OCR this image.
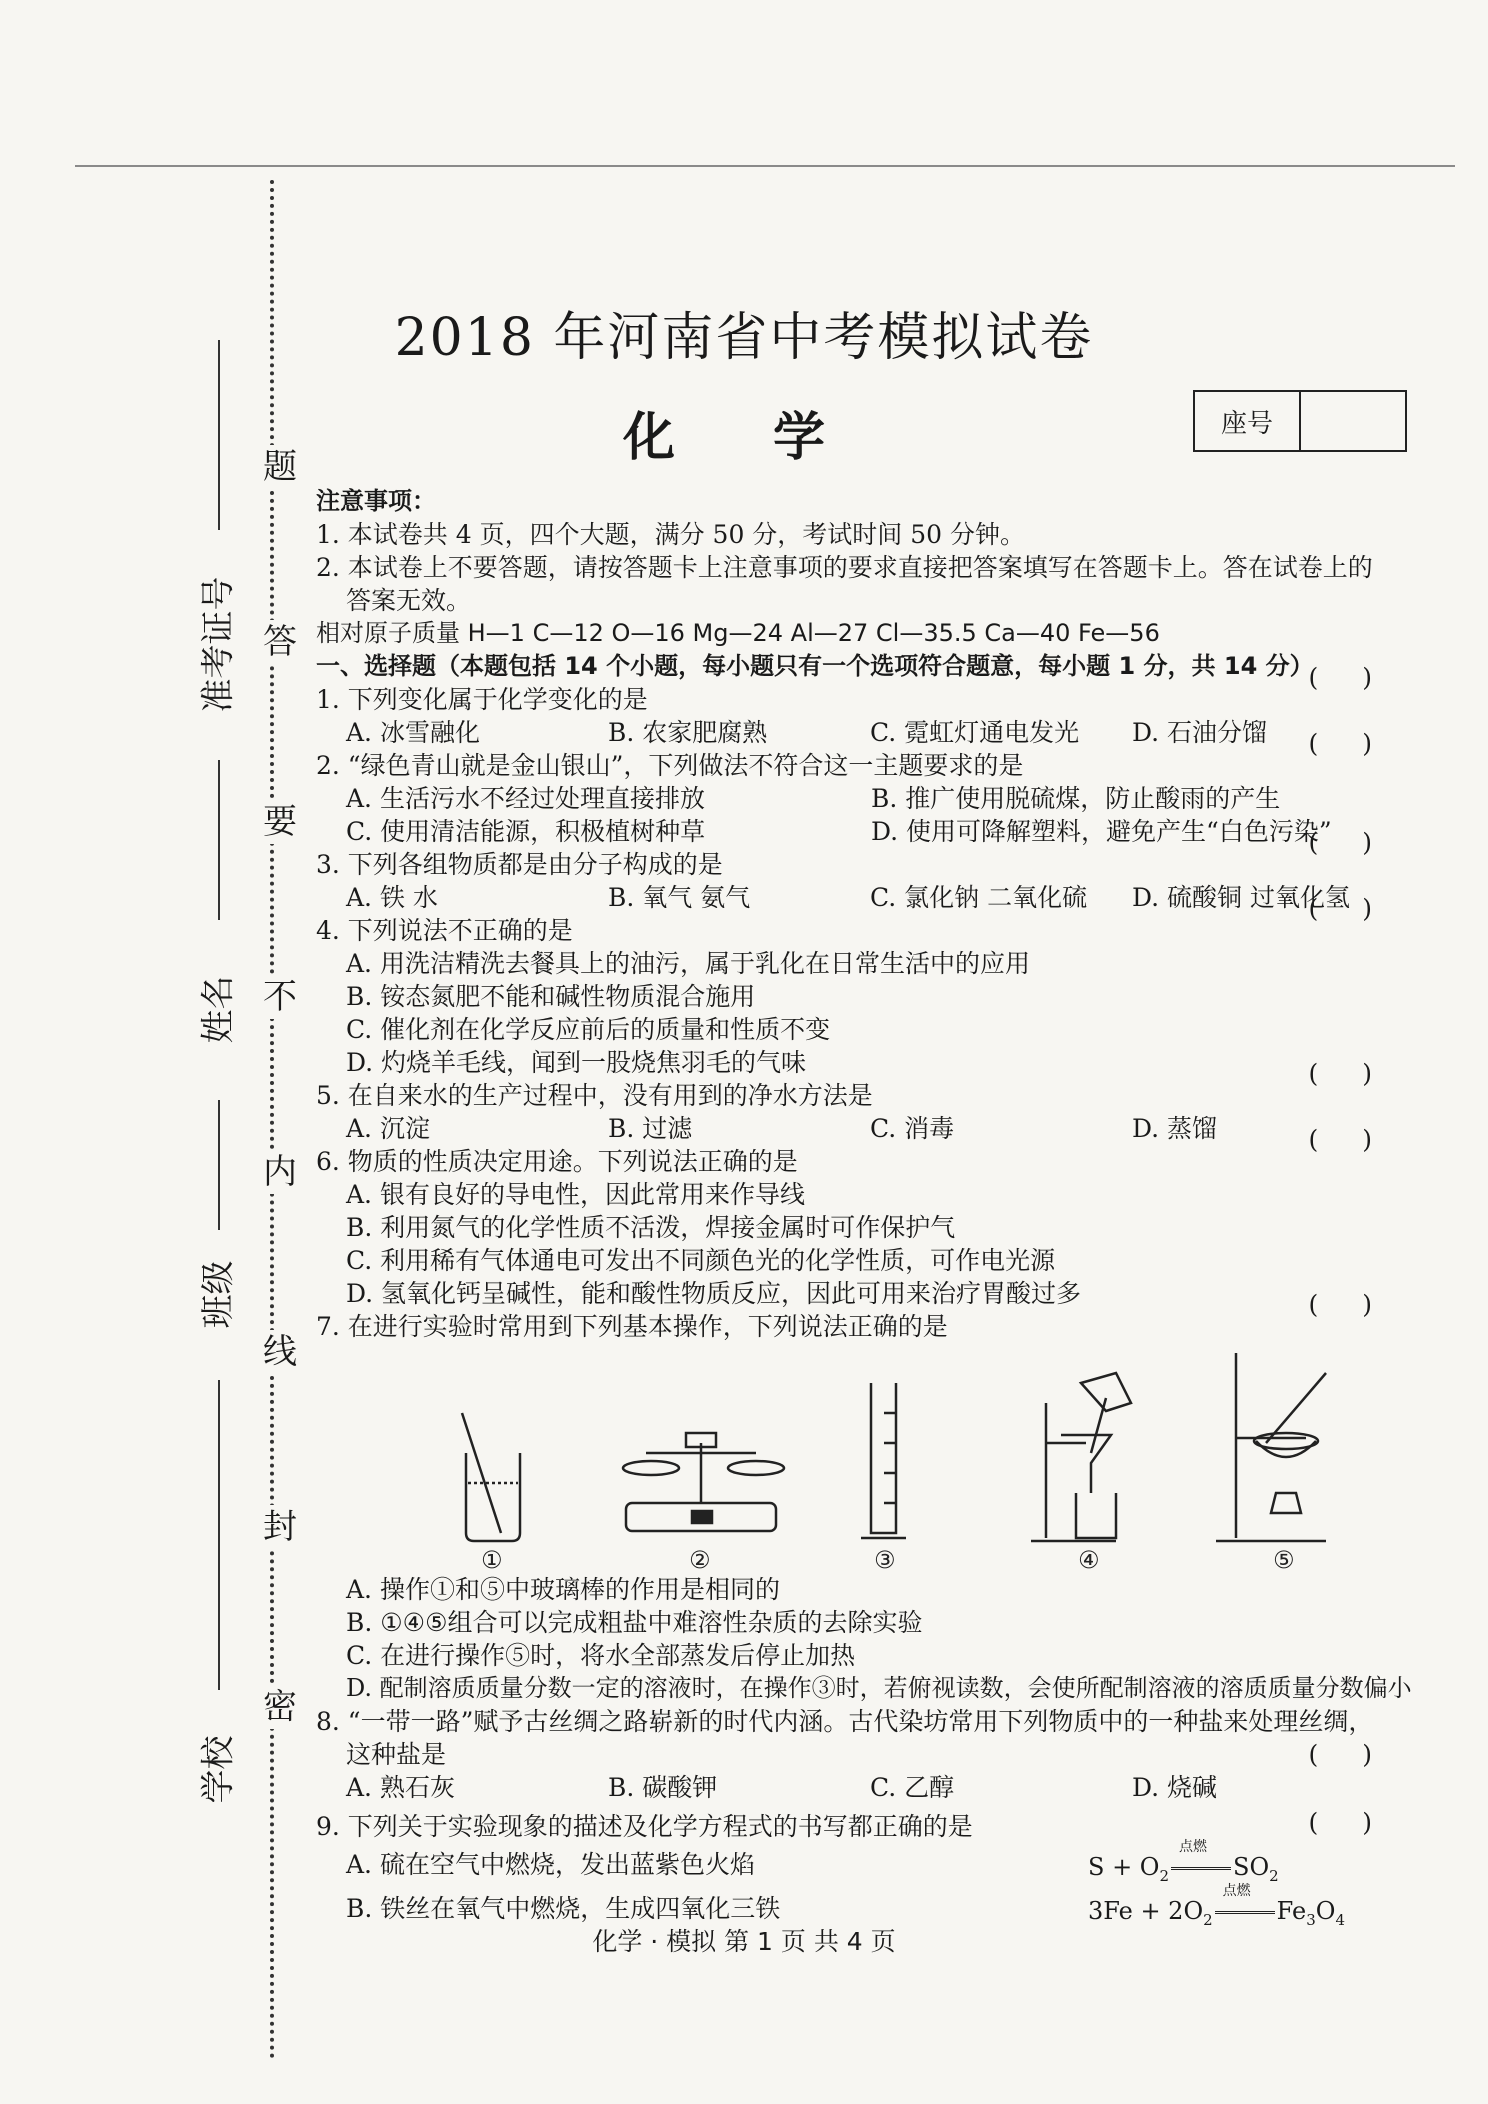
题
答
要
不
内
线
封
密
准考证号
姓名
班级
学校
2018 年河南省中考模拟试卷
化 学	座号
注意事项：
1. 本试卷共 4 页，四个大题，满分 50 分，考试时间 50 分钟。
2. 本试卷上不要答题，请按答题卡上注意事项的要求直接把答案填写在答题卡上。答在试卷上的
答案无效。
相对原子质量 H—1 C—12 O—16 Mg—24 Al—27 Cl—35.5 Ca—40 Fe—56
一、选择题（本题包括 14 个小题，每小题只有一个选项符合题意，每小题 1 分，共 14 分）
1. 下列变化属于化学变化的是
()
A. 冰雪融化	B. 农家肥腐熟	C. 霓虹灯通电发光	D. 石油分馏
2. “绿色青山就是金山银山”，下列做法不符合这一主题要求的是
()
A. 生活污水不经过处理直接排放	B. 推广使用脱硫煤，防止酸雨的产生
C. 使用清洁能源，积极植树种草	D. 使用可降解塑料，避免产生“白色污染”
3. 下列各组物质都是由分子构成的是
()
A. 铁 水	B. 氧气 氨气	C. 氯化钠 二氧化硫	D. 硫酸铜 过氧化氢
4. 下列说法不正确的是
()
A. 用洗洁精洗去餐具上的油污，属于乳化在日常生活中的应用
B. 铵态氮肥不能和碱性物质混合施用
C. 催化剂在化学反应前后的质量和性质不变
D. 灼烧羊毛线，闻到一股烧焦羽毛的气味
5. 在自来水的生产过程中，没有用到的净水方法是
()
A. 沉淀	B. 过滤	C. 消毒	D. 蒸馏
6. 物质的性质决定用途。下列说法正确的是
()
A. 银有良好的导电性，因此常用来作导线
B. 利用氮气的化学性质不活泼，焊接金属时可作保护气
C. 利用稀有气体通电可发出不同颜色光的化学性质，可作电光源
D. 氢氧化钙呈碱性，能和酸性物质反应，因此可用来治疗胃酸过多
7. 在进行实验时常用到下列基本操作，下列说法正确的是
()
①	②	③	④	⑤
A. 操作①和⑤中玻璃棒的作用是相同的
B. ①④⑤组合可以完成粗盐中难溶性杂质的去除实验
C. 在进行操作⑤时，将水全部蒸发后停止加热
D. 配制溶质质量分数一定的溶液时，在操作③时，若俯视读数，会使所配制溶液的溶质质量分数偏小
8. “一带一路”赋予古丝绸之路崭新的时代内涵。古代染坊常用下列物质中的一种盐来处理丝绸，
这种盐是	()
A. 熟石灰	B. 碳酸钾	C. 乙醇	D. 烧碱
9. 下列关于实验现象的描述及化学方程式的书写都正确的是	()
A. 硫在空气中燃烧，发出蓝紫色火焰	$S + O_2$
点燃
$SO_2$
B. 铁丝在氧气中燃烧，生成四氧化三铁	$3Fe + 2O_2$
点燃
$Fe_3O_4$
化学 · 模拟 第 1 页 共 4 页
